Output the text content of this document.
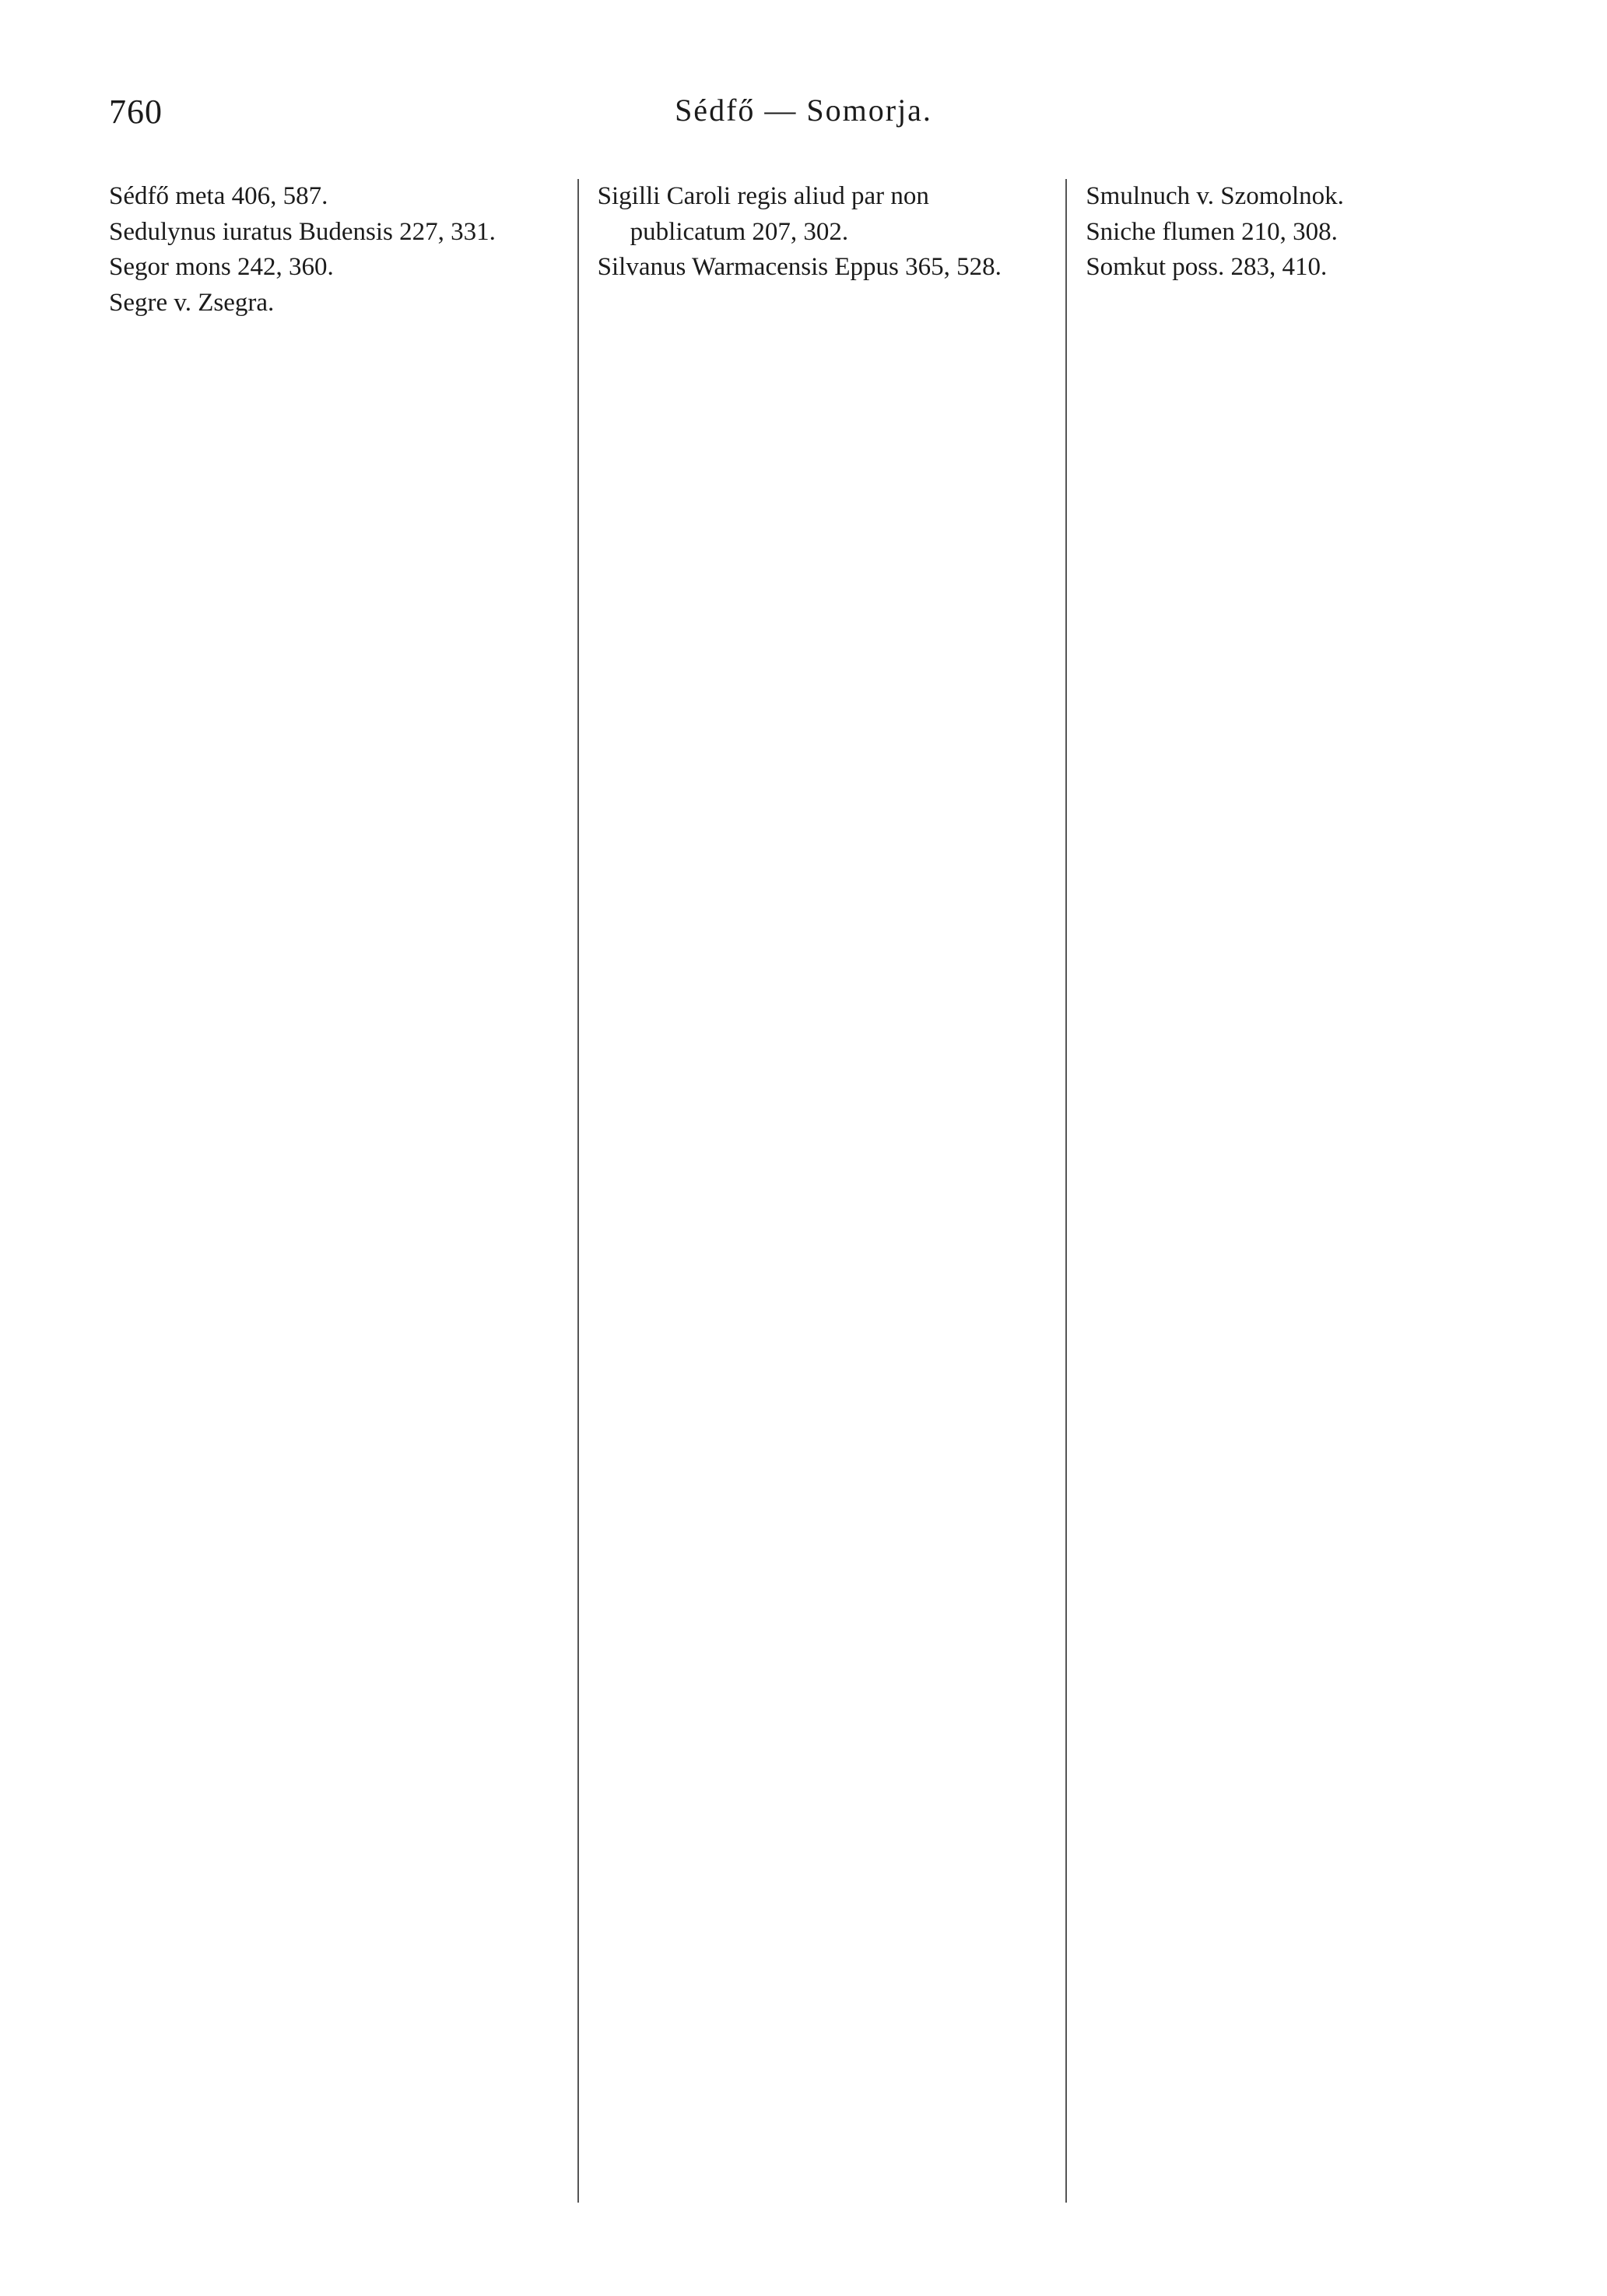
760	Sédfő — Somorja.
Sédfő meta 406, 587.
Sedulynus iuratus Budensis 227, 331.
Segor mons 242, 360.
Segre v. Zsegra.
Sigilli Caroli regis aliud par non publicatum 207, 302.
Silvanus Warmacensis Eppus 365, 528.
Smulnuch v. Szomolnok.
Sniche flumen 210, 308.
Somkut poss. 283, 410.
